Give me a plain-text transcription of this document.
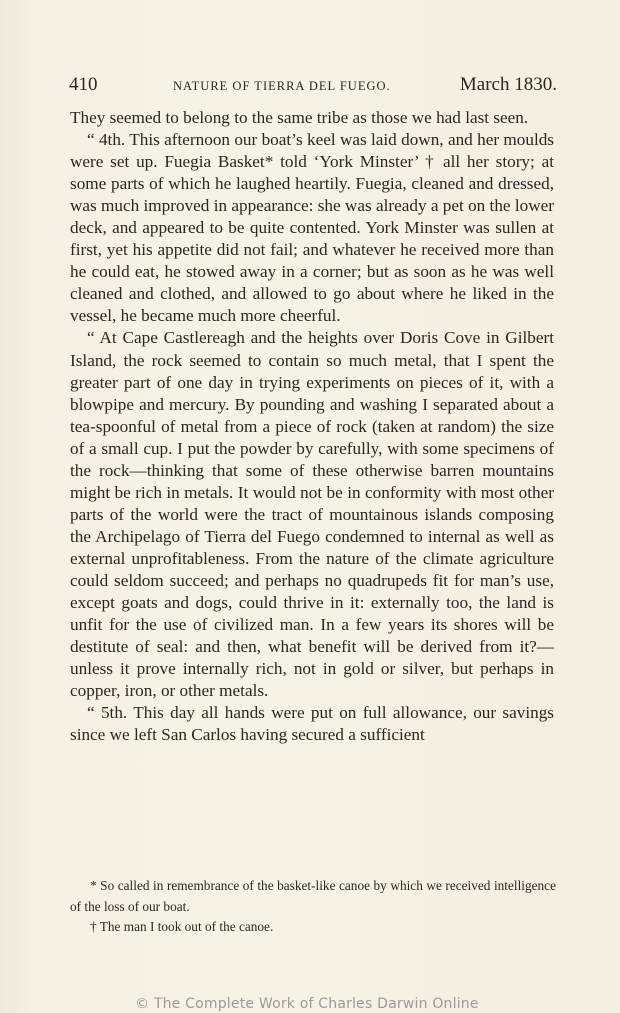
410	NATURE OF TIERRA DEL FUEGO.	March 1830.

They seemed to belong to the same tribe as those we had last seen.

“ 4th. This afternoon our boat’s keel was laid down, and her moulds were set up. Fuegia Basket* told ‘York Minster’ † all her story; at some parts of which he laughed heartily. Fuegia, cleaned and dressed, was much improved in appearance: she was already a pet on the lower deck, and appeared to be quite contented. York Minster was sullen at first, yet his appetite did not fail; and whatever he received more than he could eat, he stowed away in a corner; but as soon as he was well cleaned and clothed, and allowed to go about where he liked in the vessel, he became much more cheerful.

“ At Cape Castlereagh and the heights over Doris Cove in Gilbert Island, the rock seemed to contain so much metal, that I spent the greater part of one day in trying experiments on pieces of it, with a blowpipe and mercury. By pounding and washing I separated about a tea-spoonful of metal from a piece of rock (taken at random) the size of a small cup. I put the powder by carefully, with some specimens of the rock—thinking that some of these otherwise barren mountains might be rich in metals. It would not be in conformity with most other parts of the world were the tract of mountainous islands composing the Archipelago of Tierra del Fuego condemned to internal as well as external unprofitableness. From the nature of the climate agriculture could seldom succeed; and perhaps no quadrupeds fit for man’s use, except goats and dogs, could thrive in it: externally too, the land is unfit for the use of civilized man. In a few years its shores will be destitute of seal: and then, what benefit will be derived from it?—unless it prove internally rich, not in gold or silver, but perhaps in copper, iron, or other metals.

“ 5th. This day all hands were put on full allowance, our savings since we left San Carlos having secured a sufficient

* So called in remembrance of the basket-like canoe by which we received intelligence of the loss of our boat.

† The man I took out of the canoe.

© The Complete Work of Charles Darwin Online
